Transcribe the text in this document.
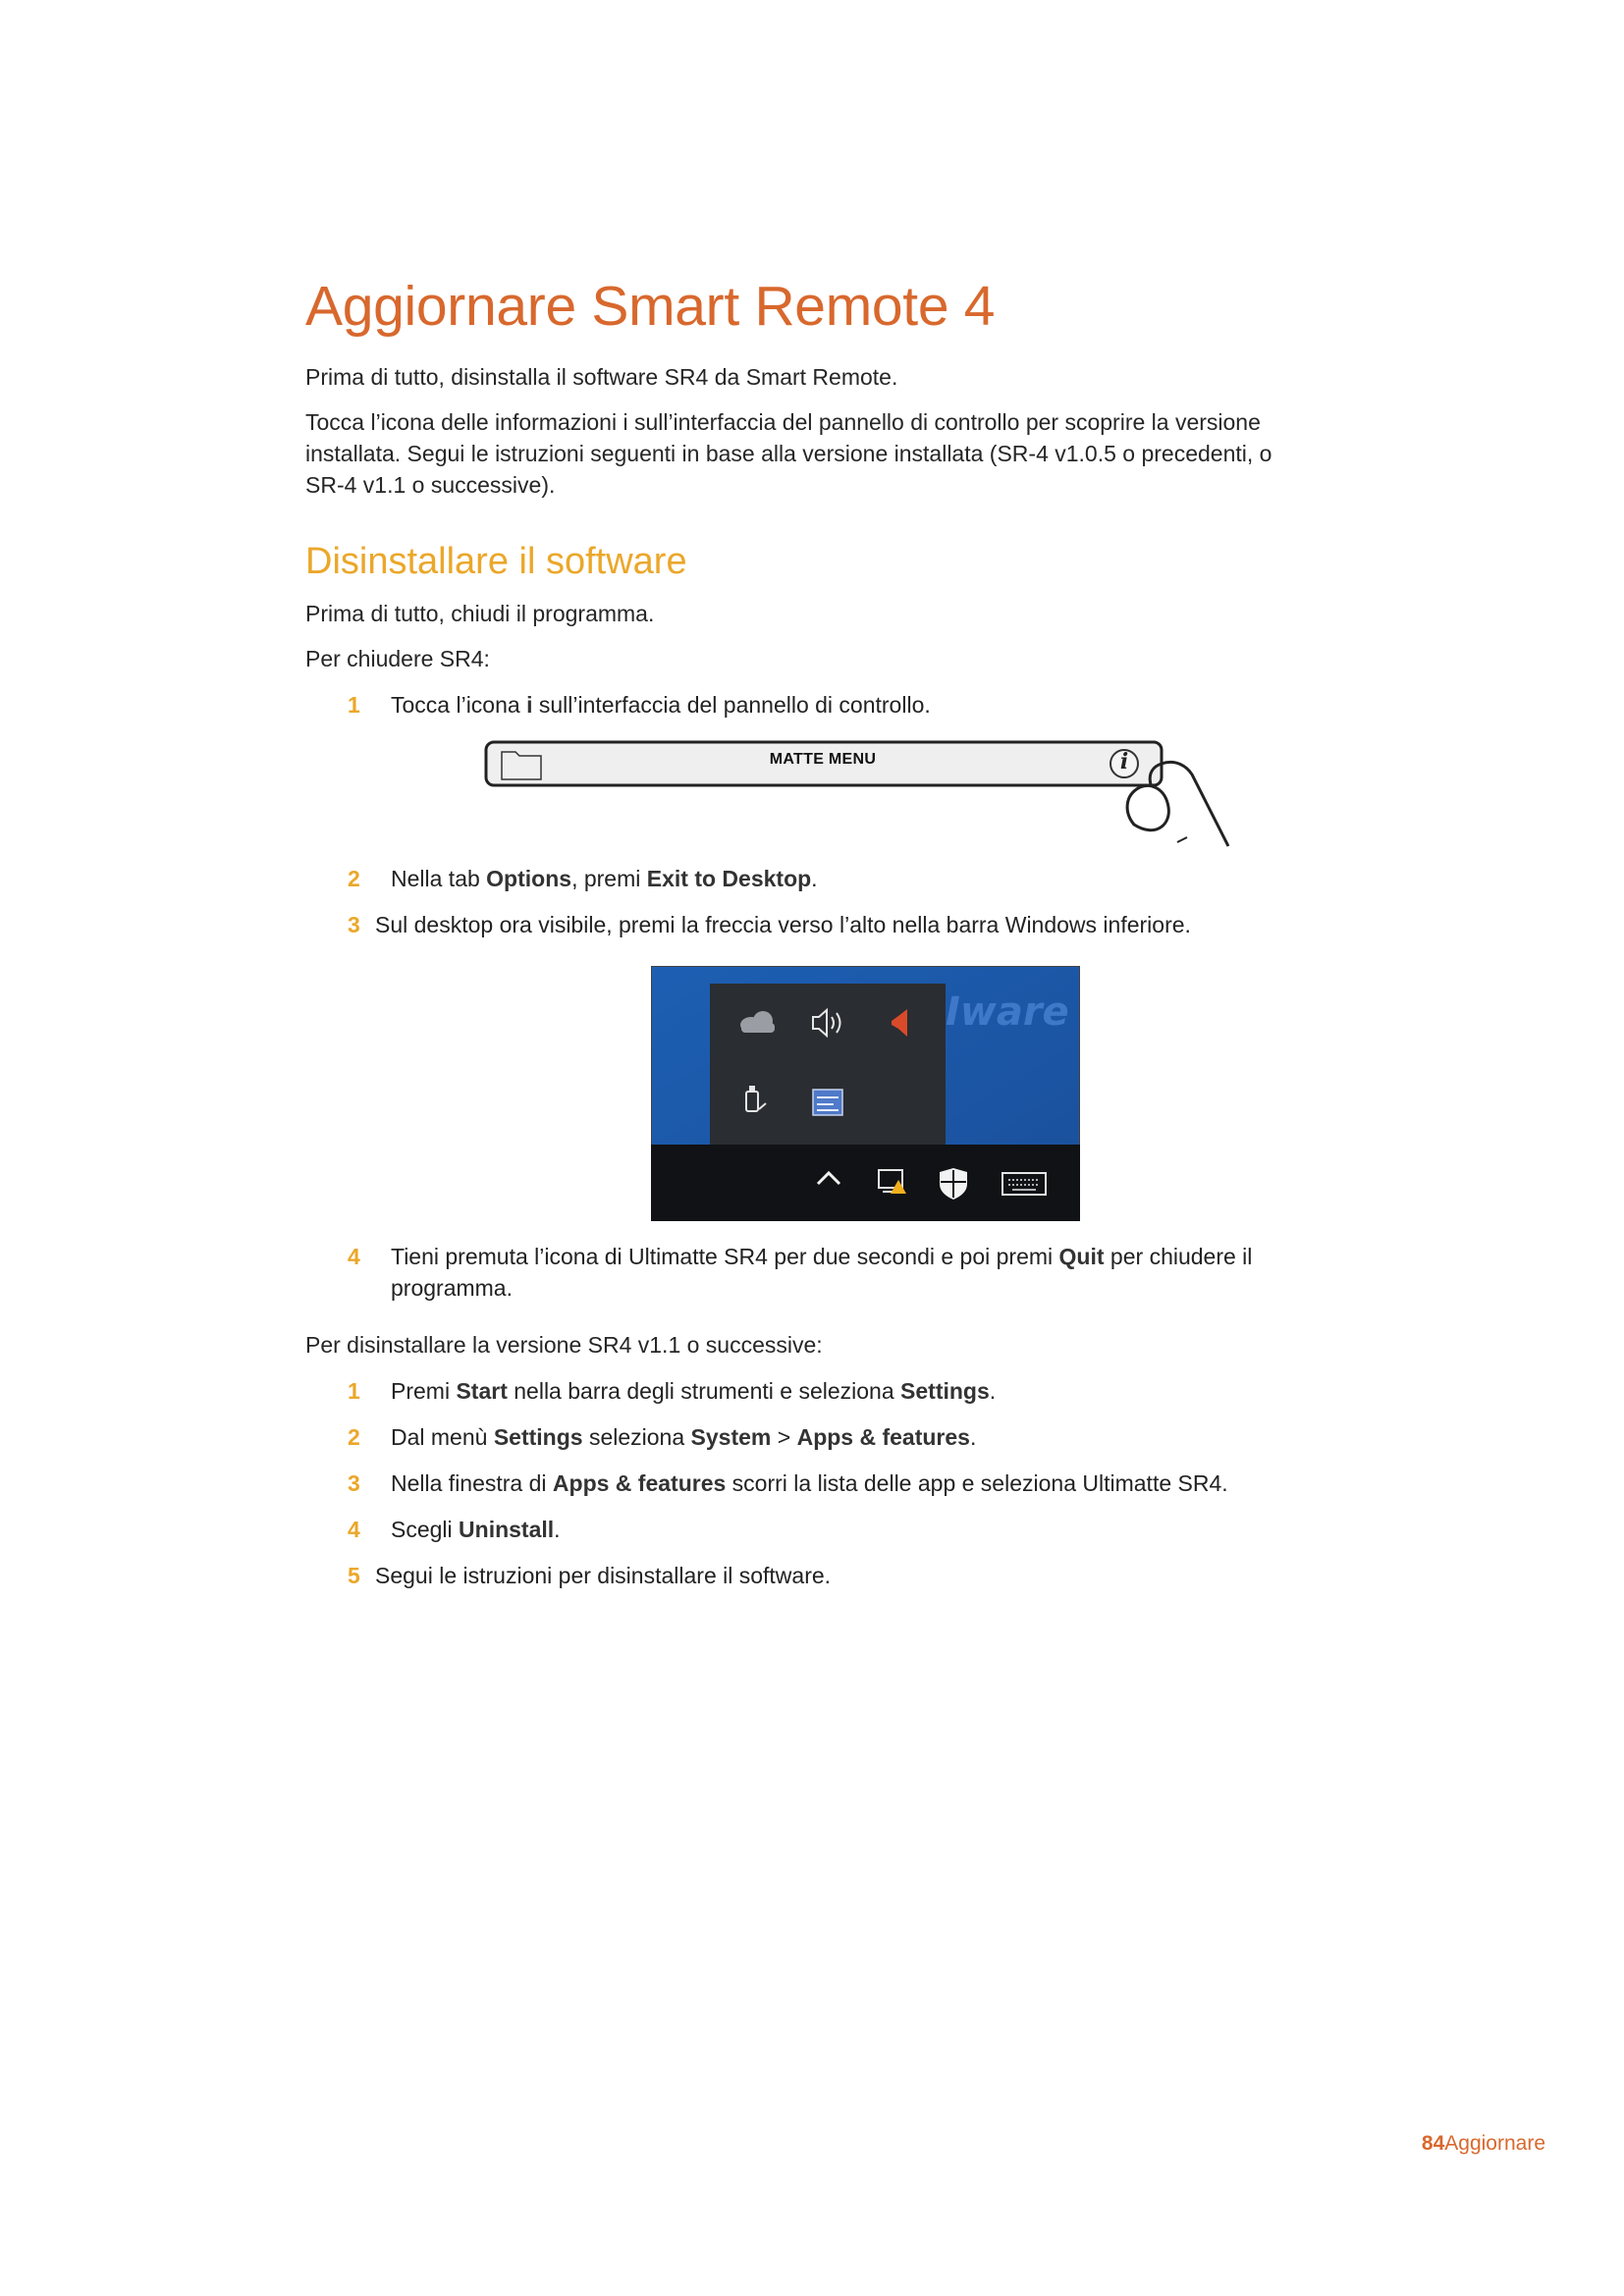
Aggiornare Smart Remote 4

Prima di tutto, disinstalla il software SR4 da Smart Remote.

Tocca l’icona delle informazioni i sull’interfaccia del pannello di controllo per scoprire la versione installata. Segui le istruzioni seguenti in base alla versione installata (SR-4 v1.0.5 o precedenti, o SR-4 v1.1 o successive).

Disinstallare il software

Prima di tutto, chiudi il programma.

Per chiudere SR4:

1	Tocca l’icona i sull’interfaccia del pannello di controllo.
MATTE MENU	i
2	Nella tab Options, premi Exit to Desktop.
3 Sul desktop ora visibile, premi la freccia verso l’alto nella barra Windows inferiore.
Iware
4	Tieni premuta l’icona di Ultimatte SR4 per due secondi e poi premi Quit per chiudere il programma.

Per disinstallare la versione SR4 v1.1 o successive:

1	Premi Start nella barra degli strumenti e seleziona Settings.
2	Dal menù Settings seleziona System > Apps & features.
3	Nella finestra di Apps & features scorri la lista delle app e seleziona Ultimatte SR4.
4	Scegli Uninstall.
5 Segui le istruzioni per disinstallare il software.
84Aggiornare
